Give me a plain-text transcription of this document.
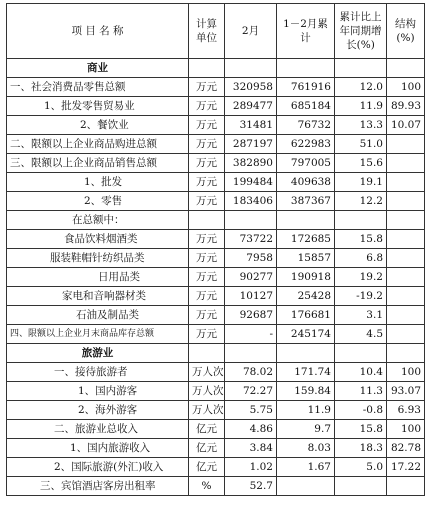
项 目 名 称	计算单位	2月	1－2月累计	累计比上年同期增长(%)	结构(%)
商业					
一、社会消费品零售总额	万元	320958	761916	12.0	100
1、批发零售贸易业	万元	289477	685184	11.9	89.93
2、餐饮业	万元	31481	76732	13.3	10.07
二、限额以上企业商品购进总额	万元	287197	622983	51.0	
三、限额以上企业商品销售总额	万元	382890	797005	15.6	
1、批发	万元	199484	409638	19.1	
2、零售	万元	183406	387367	12.2	
在总额中：					
食品饮料烟酒类	万元	73722	172685	15.8	
服装鞋帽针纺织品类	万元	7958	15857	6.8	
日用品类	万元	90277	190918	19.2	
家电和音响器材类	万元	10127	25428	-19.2	
石油及制品类	万元	92687	176681	3.1	
四、限额以上企业月末商品库存总额	万元	-	245174	4.5	
旅游业					
一、接待旅游者	万人次	78.02	171.74	10.4	100
1、国内游客	万人次	72.27	159.84	11.3	93.07
2、海外游客	万人次	5.75	11.9	-0.8	6.93
二、旅游业总收入	亿元	4.86	9.7	15.8	100
1、国内旅游收入	亿元	3.84	8.03	18.3	82.78
2、国际旅游(外汇)收入	亿元	1.02	1.67	5.0	17.22
三、宾馆酒店客房出租率	%	52.7			
